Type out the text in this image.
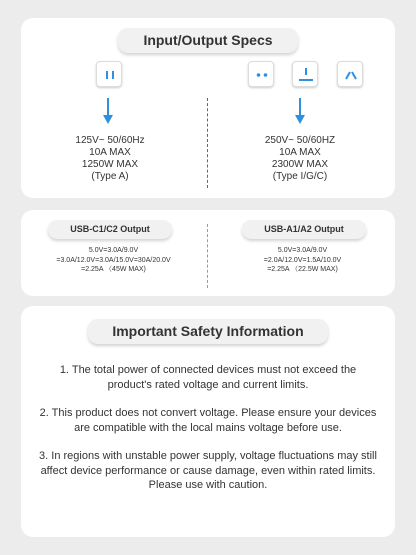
Input/Output Specs
125V~ 50/60Hz
10A MAX
1250W MAX
(Type A)
250V~ 50/60HZ
10A MAX
2300W MAX
(Type I/G/C)
USB-C1/C2 Output	USB-A1/A2 Output
5.0V=3.0A/9.0V
=3.0A/12.0V=3.0A/15.0V=30A/20.0V
=2.25A （45W MAX)
5.0V=3.0A/9.0V
=2.0A/12.0V=1.5A/10.0V
=2.25A （22.5W MAX)
Important Safety Information

1. The total power of connected devices must not exceed the product's rated voltage and current limits.

2. This product does not convert voltage. Please ensure your devices are compatible with the local mains voltage before use.

3. In regions with unstable power supply, voltage fluctuations may still affect device performance or cause damage, even within rated limits. Please use with caution.
